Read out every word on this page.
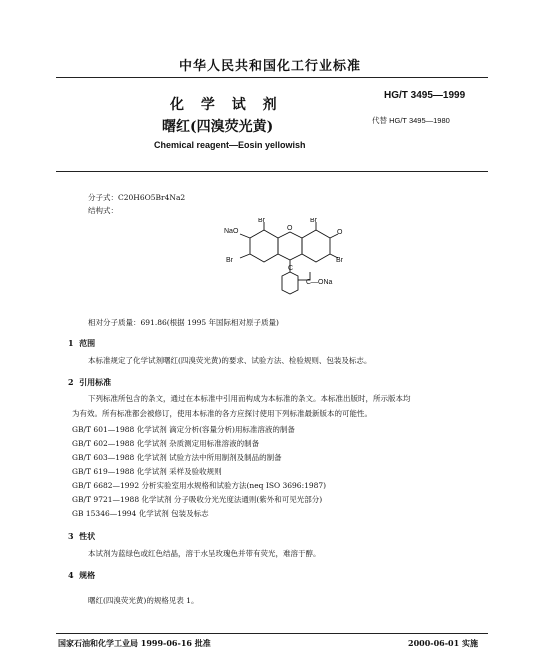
中华人民共和国化工行业标准
化 学 试 剂
曙红(四溴荧光黄)
Chemical reagent—Eosin yellowish
HG/T 3495—1999
代替 HG/T 3495—1980
分子式：C20H6O5Br4Na2
结构式：
Br	Br
O
NaO
Br
O
Br
C
C—ONa
相对分子质量：691.86(根据 1995 年国际相对原子质量)
1 范围
本标准规定了化学试剂曙红(四溴荧光黄)的要求、试验方法、检验规则、包装及标志。
2 引用标准
下列标准所包含的条文，通过在本标准中引用而构成为本标准的条文。本标准出版时，所示版本均
为有效。所有标准都会被修订，使用本标准的各方应探讨使用下列标准最新版本的可能性。
GB/T 601—1988 化学试剂 滴定分析(容量分析)用标准溶液的制备
GB/T 602—1988 化学试剂 杂质测定用标准溶液的制备
GB/T 603—1988 化学试剂 试验方法中所用制剂及制品的制备
GB/T 619—1988 化学试剂 采样及验收规则
GB/T 6682—1992 分析实验室用水规格和试验方法(neq ISO 3696:1987)
GB/T 9721—1988 化学试剂 分子吸收分光光度法通则(紫外和可见光部分)
GB 15346—1994 化学试剂 包装及标志
3 性状
本试剂为蓝绿色或红色结晶，溶于水呈玫瑰色并带有荧光，难溶于醇。
4 规格
曙红(四溴荧光黄)的规格见表 1。
国家石油和化学工业局 1999-06-16 批准	2000-06-01 实施
